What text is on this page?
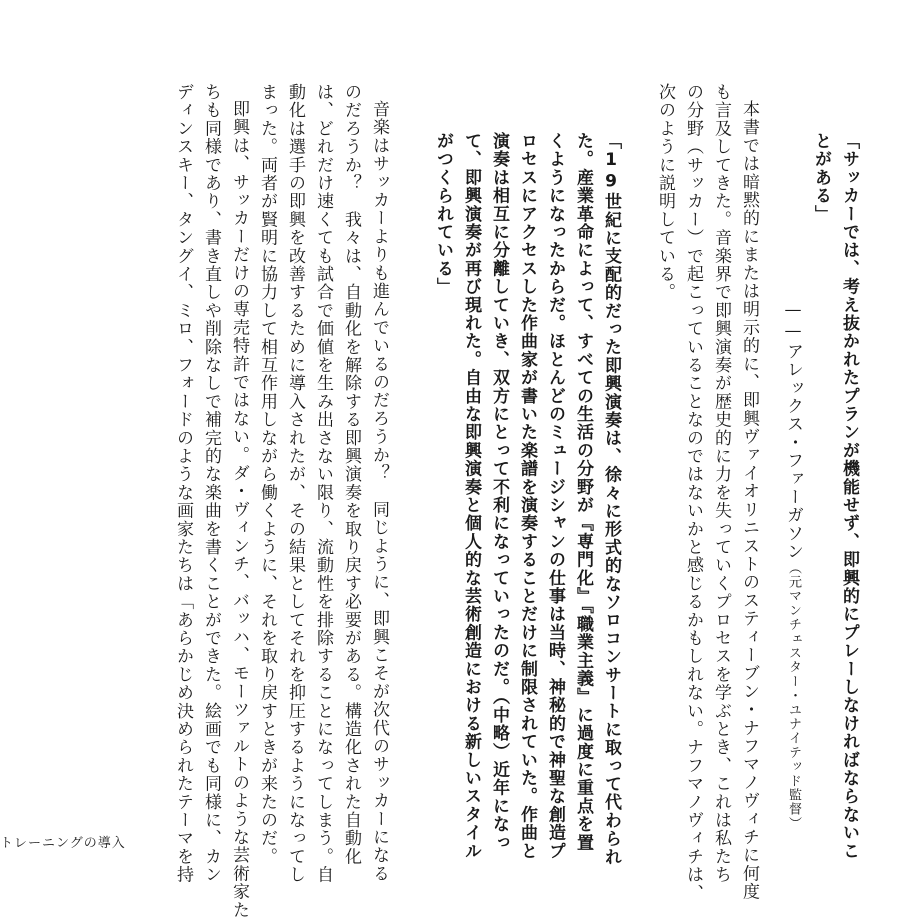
「サッカーでは、考え抜かれたプランが機能せず、即興的にプレーしなければならないこ
とがある」
——アレックス・ファーガソン（元マンチェスター・ユナイテッド監督）
本書では暗黙的にまたは明示的に、即興ヴァイオリニストのスティーブン・ナフマノヴィチに何度
も言及してきた。音楽界で即興演奏が歴史的に力を失っていくプロセスを学ぶとき、これは私たち
の分野（サッカー）で起こっていることなのではないかと感じるかもしれない。ナフマノヴィチは、
次のように説明している。
「19世紀に支配的だった即興演奏は、徐々に形式的なソロコンサートに取って代わられ
た。産業革命によって、すべての生活の分野が『専門化』『職業主義』に過度に重点を置
くようになったからだ。ほとんどのミュージシャンの仕事は当時、神秘的で神聖な創造プ
ロセスにアクセスした作曲家が書いた楽譜を演奏することだけに制限されていた。作曲と
演奏は相互に分離していき、双方にとって不利になっていったのだ。（中略）近年になっ
て、即興演奏が再び現れた。自由な即興演奏と個人的な芸術創造における新しいスタイル
がつくられている」
音楽はサッカーよりも進んでいるのだろうか？　同じように、即興こそが次代のサッカーになる
のだろうか？　我々は、自動化を解除する即興演奏を取り戻す必要がある。構造化された自動化
は、どれだけ速くても試合で価値を生み出さない限り、流動性を排除することになってしまう。自
動化は選手の即興を改善するために導入されたが、その結果としてそれを抑圧するようになってし
まった。両者が賢明に協力して相互作用しながら働くように、それを取り戻すときが来たのだ。
即興は、サッカーだけの専売特許ではない。ダ・ヴィンチ、バッハ、モーツァルトのような芸術家た
ちも同様であり、書き直しや削除なしで補完的な楽曲を書くことができた。絵画でも同様に、カン
ディンスキー、タングイ、ミロ、フォードのような画家たちは「あらかじめ決められたテーマを持
トレーニングの導入
